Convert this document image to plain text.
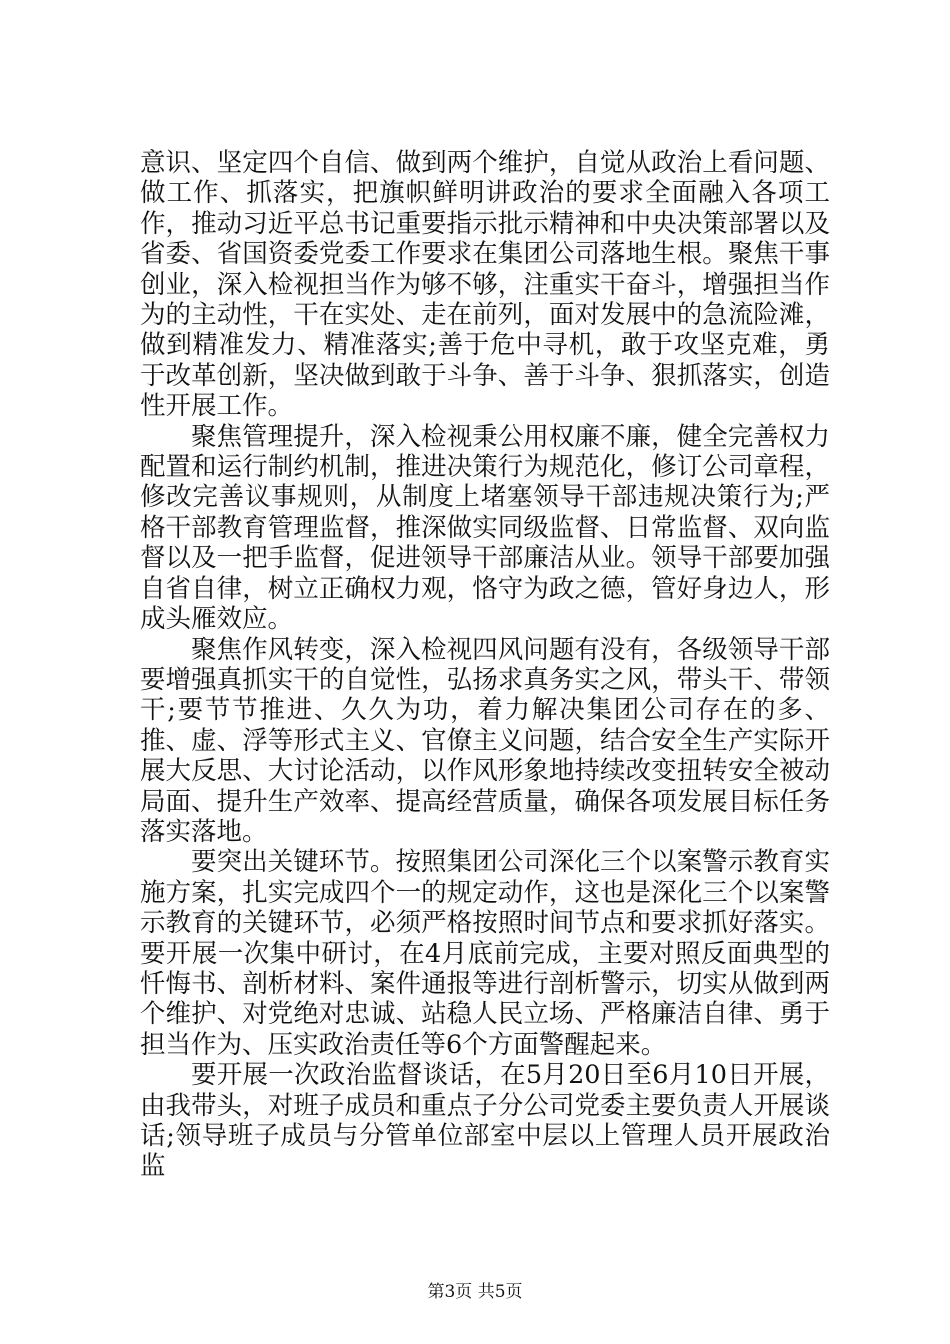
意识、坚定四个自信、做到两个维护，自觉从政治上看问题、做工作、抓落实，把旗帜鲜明讲政治的要求全面融入各项工作，推动习近平总书记重要指示批示精神和中央决策部署以及省委、省国资委党委工作要求在集团公司落地生根。聚焦干事创业，深入检视担当作为够不够，注重实干奋斗，增强担当作为的主动性，干在实处、走在前列，面对发展中的急流险滩，做到精准发力、精准落实;善于危中寻机，敢于攻坚克难，勇于改革创新，坚决做到敢于斗争、善于斗争、狠抓落实，创造性开展工作。

聚焦管理提升，深入检视秉公用权廉不廉，健全完善权力配置和运行制约机制，推进决策行为规范化，修订公司章程，修改完善议事规则，从制度上堵塞领导干部违规决策行为;严格干部教育管理监督，推深做实同级监督、日常监督、双向监督以及一把手监督，促进领导干部廉洁从业。领导干部要加强自省自律，树立正确权力观，恪守为政之德，管好身边人，形成头雁效应。

聚焦作风转变，深入检视四风问题有没有，各级领导干部要增强真抓实干的自觉性，弘扬求真务实之风，带头干、带领干;要节节推进、久久为功，着力解决集团公司存在的多、推、虚、浮等形式主义、官僚主义问题，结合安全生产实际开展大反思、大讨论活动，以作风形象地持续改变扭转安全被动局面、提升生产效率、提高经营质量，确保各项发展目标任务落实落地。

要突出关键环节。按照集团公司深化三个以案警示教育实施方案，扎实完成四个一的规定动作，这也是深化三个以案警示教育的关键环节，必须严格按照时间节点和要求抓好落实。要开展一次集中研讨，在4月底前完成，主要对照反面典型的忏悔书、剖析材料、案件通报等进行剖析警示，切实从做到两个维护、对党绝对忠诚、站稳人民立场、严格廉洁自律、勇于担当作为、压实政治责任等6个方面警醒起来。

要开展一次政治监督谈话，在5月20日至6月10日开展，由我带头，对班子成员和重点子分公司党委主要负责人开展谈话;领导班子成员与分管单位部室中层以上管理人员开展政治监

第3页 共5页
